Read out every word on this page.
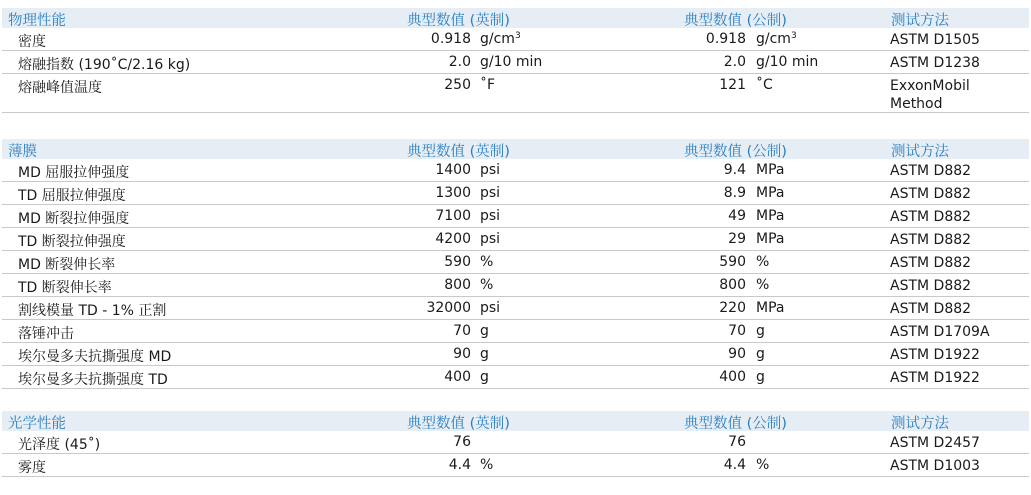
物理性能	典型数值 (英制)	典型数值 (公制)	测试方法
密度	0.918 $g/cm^3$	0.918 $g/cm^3$	ASTM D1505
熔融指数 (190˚C/2.16 kg)	2.0 g/10 min	2.0 g/10 min	ASTM D1238
熔融峰值温度	250 ˚F	121 ˚C	ExxonMobil
Method
薄膜	典型数值 (英制)	典型数值 (公制)	测试方法
MD 屈服拉伸强度	1400 psi	9.4 MPa	ASTM D882
TD 屈服拉伸强度	1300 psi	8.9 MPa	ASTM D882
MD 断裂拉伸强度	7100 psi	49 MPa	ASTM D882
TD 断裂拉伸强度	4200 psi	29 MPa	ASTM D882
MD 断裂伸长率	590 %	590 %	ASTM D882
TD 断裂伸长率	800 %	800 %	ASTM D882
割线模量 TD - 1% 正割	32000 psi	220 MPa	ASTM D882
落锤冲击	70 g	70 g	ASTM D1709A
埃尔曼多夫抗撕强度 MD	90 g	90 g	ASTM D1922
埃尔曼多夫抗撕强度 TD	400 g	400 g	ASTM D1922
光学性能	典型数值 (英制)	典型数值 (公制)	测试方法
光泽度 (45˚)	76	76	ASTM D2457
雾度	4.4 %	4.4 %	ASTM D1003
